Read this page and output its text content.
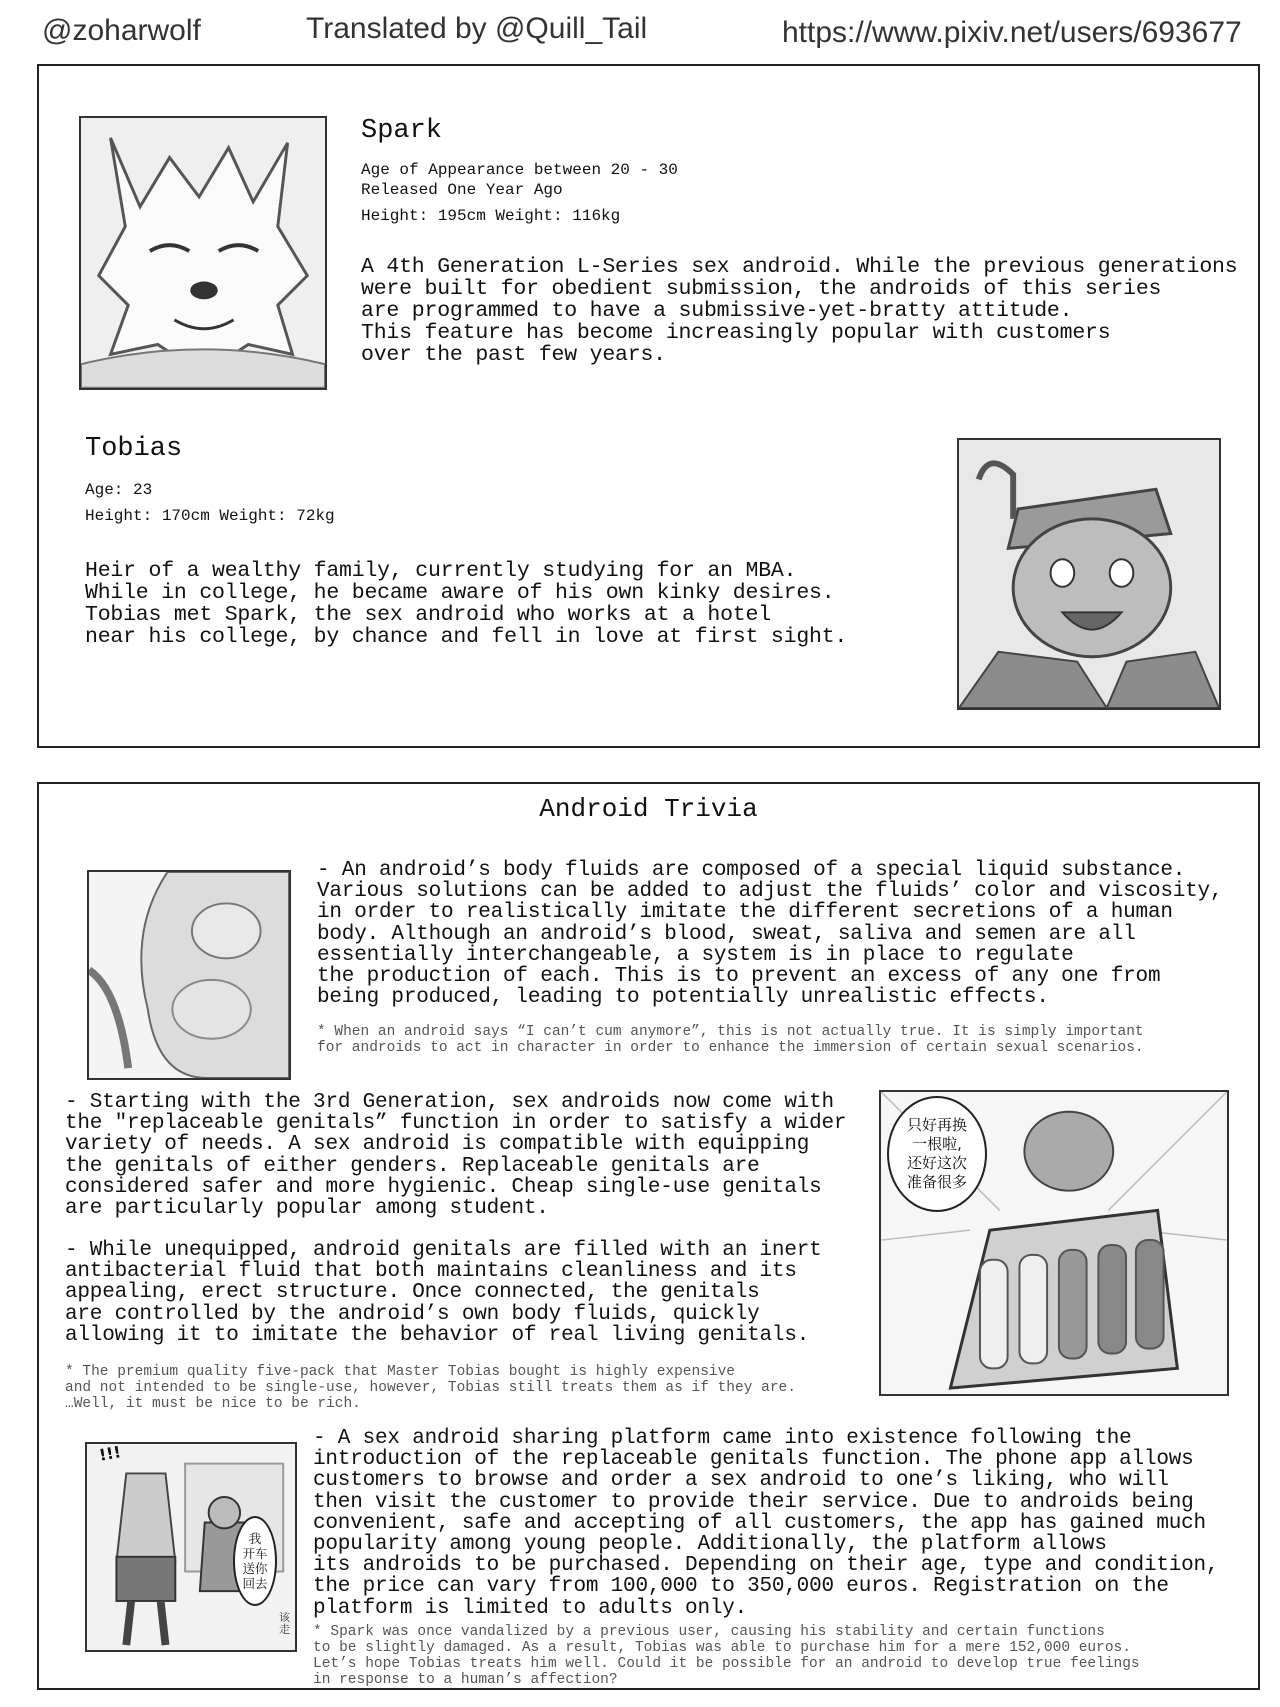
@zoharwolf	Translated by @Quill_Tail	https://www.pixiv.net/users/693677
Spark
Age of Appearance between 20 - 30
Released One Year Ago
Height: 195cm Weight: 116kg
A 4th Generation L-Series sex android. While the previous generations
were built for obedient submission, the androids of this series
are programmed to have a submissive-yet-bratty attitude.
This feature has become increasingly popular with customers
over the past few years.
Tobias
Age: 23
Height: 170cm Weight: 72kg
Heir of a wealthy family, currently studying for an MBA.
While in college, he became aware of his own kinky desires.
Tobias met Spark, the sex android who works at a hotel
near his college, by chance and fell in love at first sight.
Android Trivia
- An android’s body fluids are composed of a special liquid substance.
Various solutions can be added to adjust the fluids’ color and viscosity,
in order to realistically imitate the different secretions of a human
body. Although an android’s blood, sweat, saliva and semen are all
essentially interchangeable, a system is in place to regulate
the production of each. This is to prevent an excess of any one from
being produced, leading to potentially unrealistic effects.
* When an android says “I can’t cum anymore”, this is not actually true. It is simply important
for androids to act in character in order to enhance the immersion of certain sexual scenarios.
- Starting with the 3rd Generation, sex androids now come with
the "replaceable genitals” function in order to satisfy a wider
variety of needs. A sex android is compatible with equipping
the genitals of either genders. Replaceable genitals are
considered safer and more hygienic. Cheap single-use genitals
are particularly popular among student.
只好再换
一根啦,
还好这次
准备很多
- While unequipped, android genitals are filled with an inert
antibacterial fluid that both maintains cleanliness and its
appealing, erect structure. Once connected, the genitals
are controlled by the android’s own body fluids, quickly
allowing it to imitate the behavior of real living genitals.
* The premium quality five-pack that Master Tobias bought is highly expensive
and not intended to be single-use, however, Tobias still treats them as if they are.
…Well, it must be nice to be rich.
我
开车
送你
回去
!!!
该
走
- A sex android sharing platform came into existence following the
introduction of the replaceable genitals function. The phone app allows
customers to browse and order a sex android to one’s liking, who will
then visit the customer to provide their service. Due to androids being
convenient, safe and accepting of all customers, the app has gained much
popularity among young people. Additionally, the platform allows
its androids to be purchased. Depending on their age, type and condition,
the price can vary from 100,000 to 350,000 euros. Registration on the
platform is limited to adults only.
* Spark was once vandalized by a previous user, causing his stability and certain functions
to be slightly damaged. As a result, Tobias was able to purchase him for a mere 152,000 euros.
Let’s hope Tobias treats him well. Could it be possible for an android to develop true feelings
in response to a human’s affection?
